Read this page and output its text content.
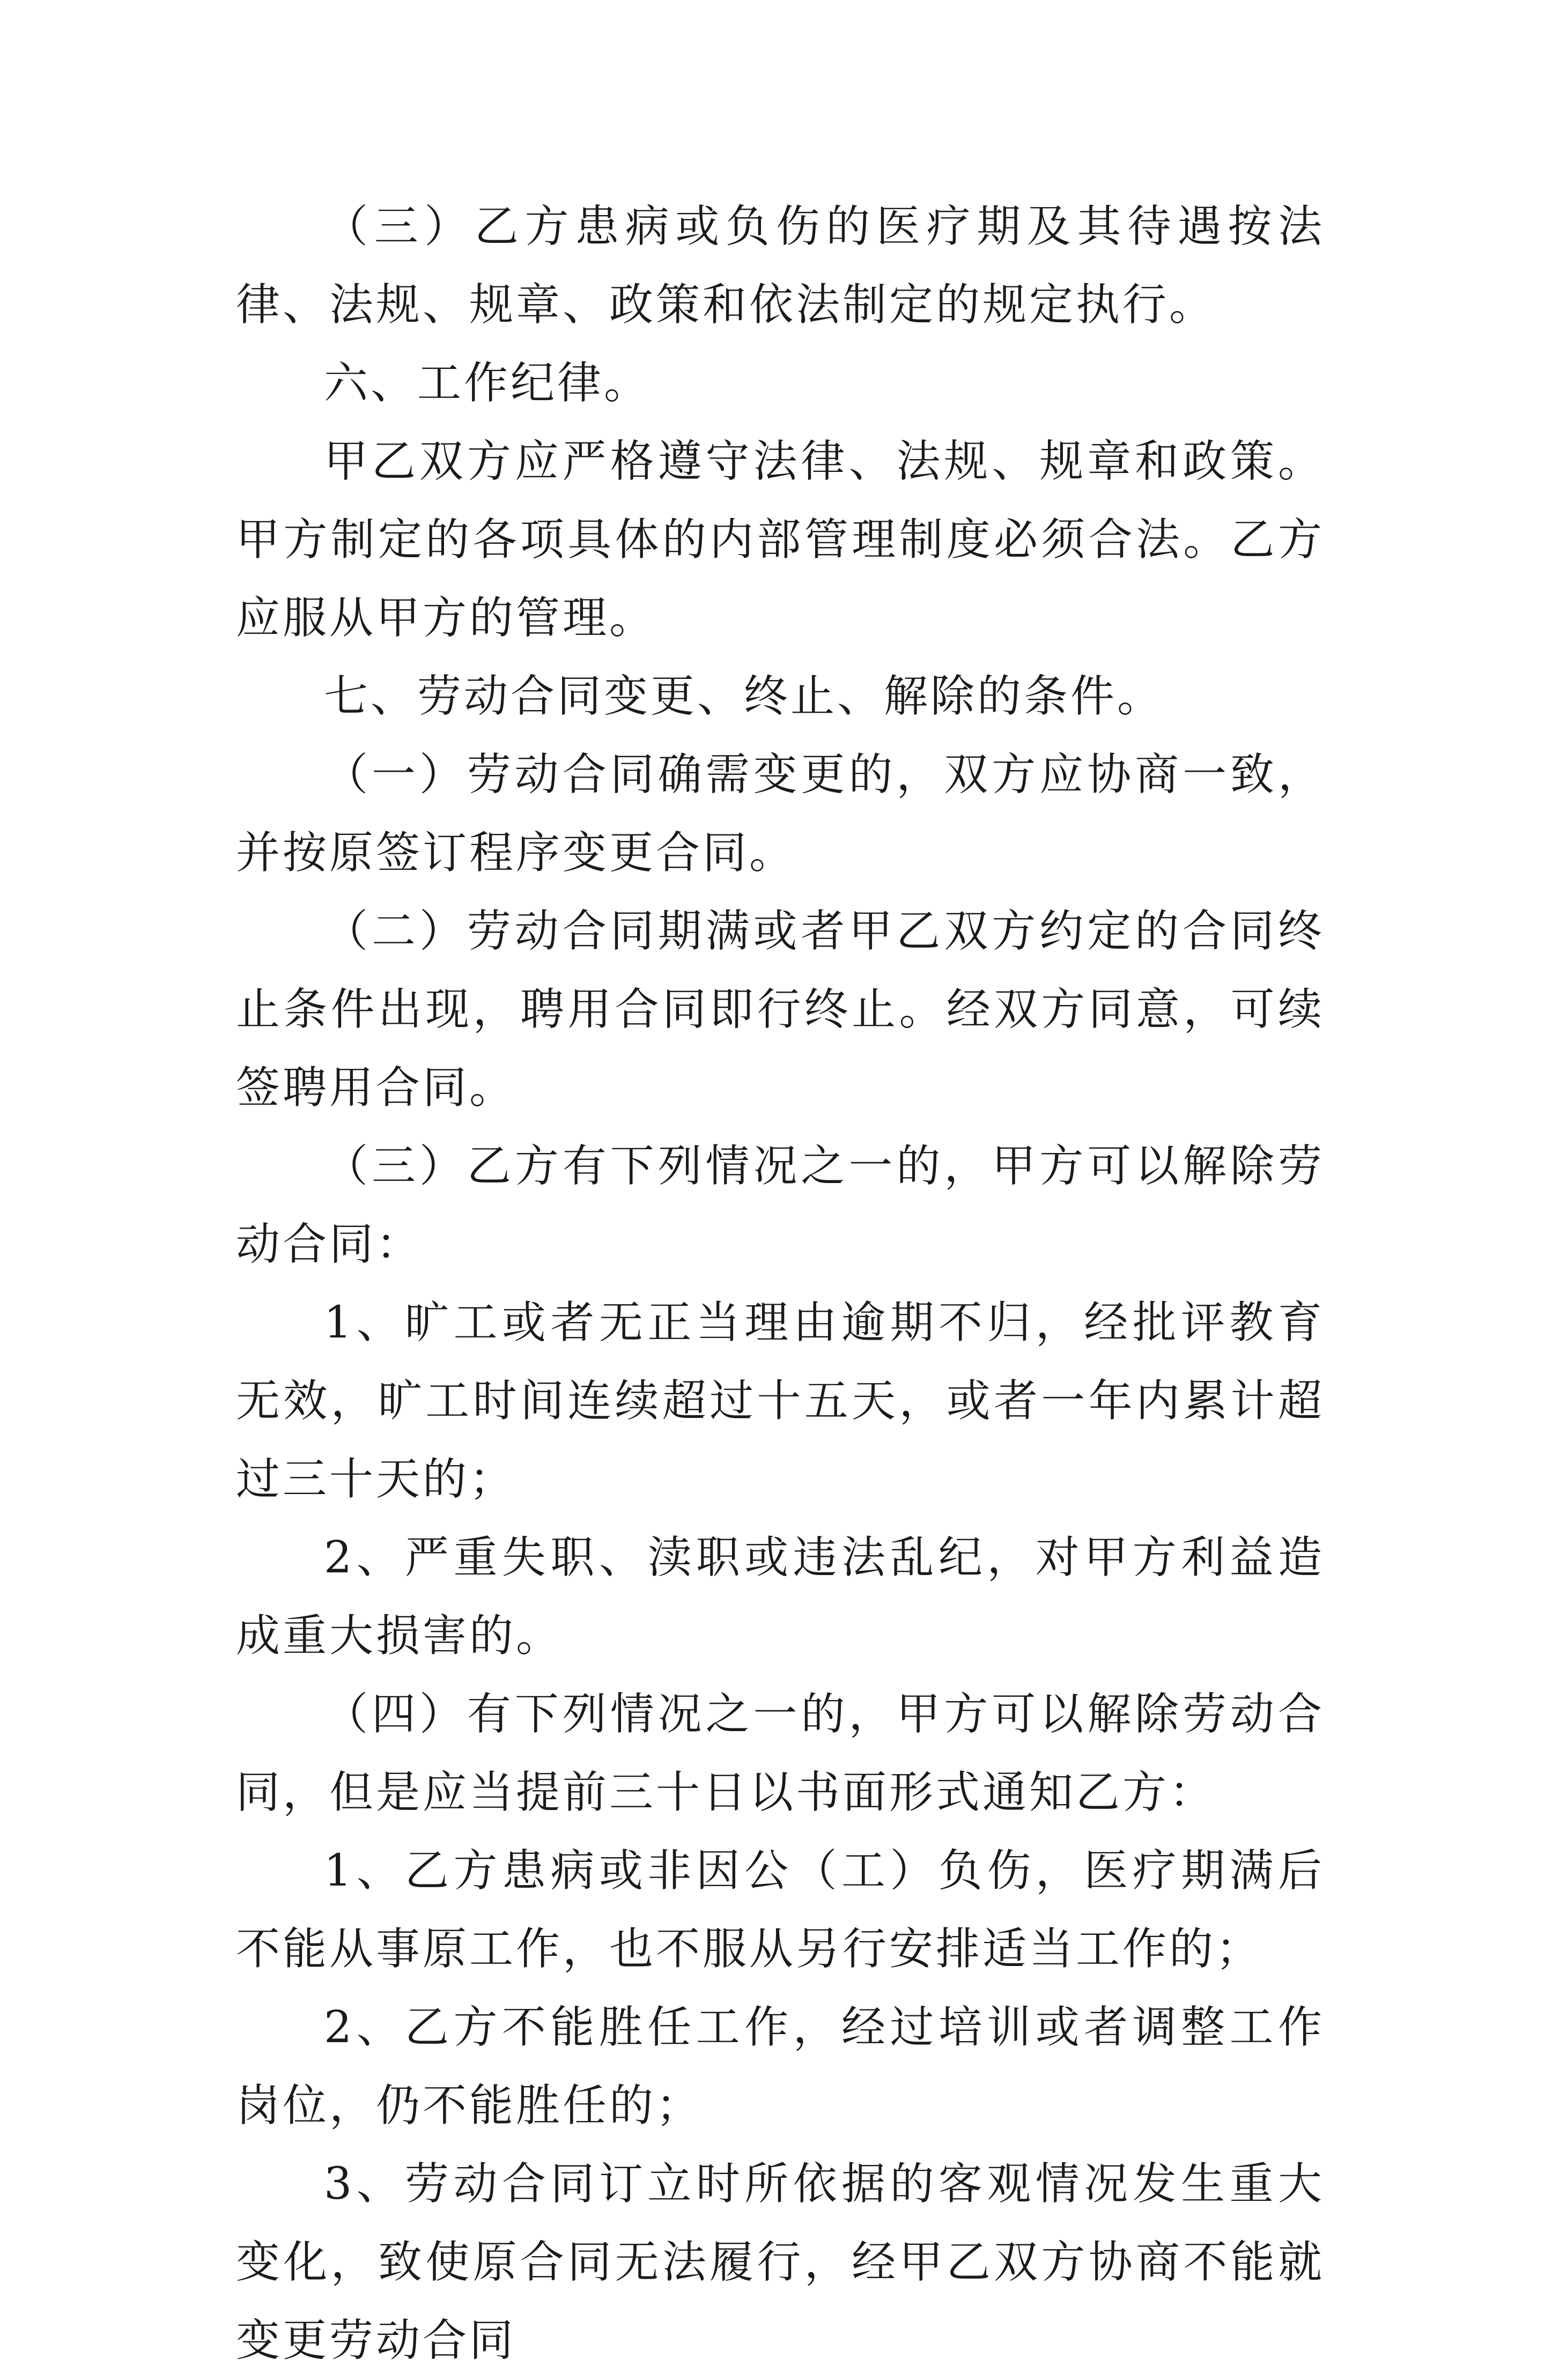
（三）乙方患病或负伤的医疗期及其待遇按法律、法规、规章、政策和依法制定的规定执行。

六、工作纪律。

甲乙双方应严格遵守法律、法规、规章和政策。甲方制定的各项具体的内部管理制度必须合法。乙方应服从甲方的管理。

七、劳动合同变更、终止、解除的条件。

（一）劳动合同确需变更的，双方应协商一致，并按原签订程序变更合同。

（二）劳动合同期满或者甲乙双方约定的合同终止条件出现，聘用合同即行终止。经双方同意，可续签聘用合同。

（三）乙方有下列情况之一的，甲方可以解除劳动合同：

1、旷工或者无正当理由逾期不归，经批评教育无效，旷工时间连续超过十五天，或者一年内累计超过三十天的；

2、严重失职、渎职或违法乱纪，对甲方利益造成重大损害的。

（四）有下列情况之一的，甲方可以解除劳动合同，但是应当提前三十日以书面形式通知乙方：

1、乙方患病或非因公（工）负伤，医疗期满后不能从事原工作，也不服从另行安排适当工作的；

2、乙方不能胜任工作，经过培训或者调整工作岗位，仍不能胜任的；

3、劳动合同订立时所依据的客观情况发生重大变化，致使原合同无法履行，经甲乙双方协商不能就变更劳动合同
